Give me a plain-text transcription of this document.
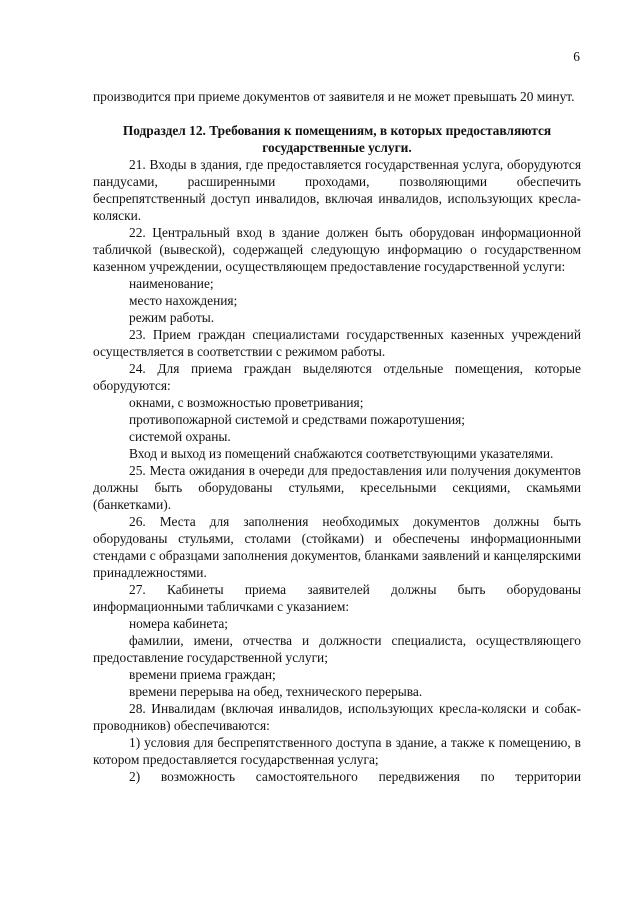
6

производится при приеме документов от заявителя и не может превышать 20 минут.

Подраздел 12. Требования к помещениям, в которых предоставляются государственные услуги.

21. Входы в здания, где предоставляется государственная услуга, оборудуются пандусами, расширенными проходами, позволяющими обеспечить беспрепятственный доступ инвалидов, включая инвалидов, использующих кресла-коляски.

22. Центральный вход в здание должен быть оборудован информационной табличкой (вывеской), содержащей следующую информацию о государственном казенном учреждении, осуществляющем предоставление государственной услуги:

наименование;

место нахождения;

режим работы.

23. Прием граждан специалистами государственных казенных учреждений осуществляется в соответствии с режимом работы.

24. Для приема граждан выделяются отдельные помещения, которые оборудуются:

окнами, с возможностью проветривания;

противопожарной системой и средствами пожаротушения;

системой охраны.

Вход и выход из помещений снабжаются соответствующими указателями.

25. Места ожидания в очереди для предоставления или получения документов должны быть оборудованы стульями, кресельными секциями, скамьями (банкетками).

26. Места для заполнения необходимых документов должны быть оборудованы стульями, столами (стойками) и обеспечены информационными стендами с образцами заполнения документов, бланками заявлений и канцелярскими принадлежностями.

27. Кабинеты приема заявителей должны быть оборудованы информационными табличками с указанием:

номера кабинета;

фамилии, имени, отчества и должности специалиста, осуществляющего предоставление государственной услуги;

времени приема граждан;

времени перерыва на обед, технического перерыва.

28. Инвалидам (включая инвалидов, использующих кресла-коляски и собак-проводников) обеспечиваются:

1) условия для беспрепятственного доступа в здание, а также к помещению, в котором предоставляется государственная услуга;

2) возможность самостоятельного передвижения по территории
